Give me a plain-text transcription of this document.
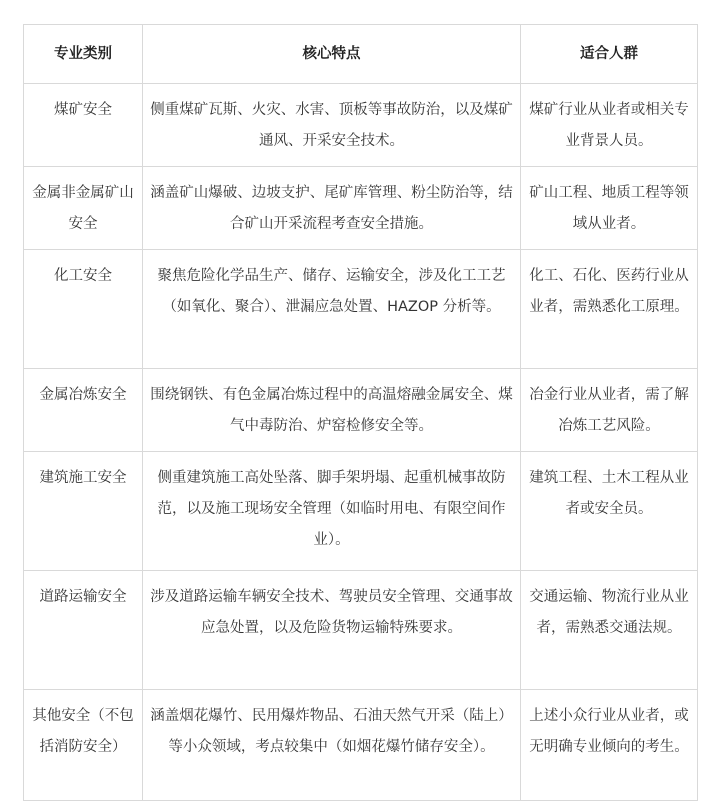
专业类别	核心特点	适合人群
煤矿安全	侧重煤矿瓦斯、火灾、水害、顶板等事故防治，以及煤矿通风、开采安全技术。	煤矿行业从业者或相关专业背景人员。
金属非金属矿山安全	涵盖矿山爆破、边坡支护、尾矿库管理、粉尘防治等，结合矿山开采流程考查安全措施。	矿山工程、地质工程等领域从业者。
化工安全	聚焦危险化学品生产、储存、运输安全，涉及化工工艺（如氧化、聚合）、泄漏应急处置、HAZOP 分析等。	化工、石化、医药行业从业者，需熟悉化工原理。
金属冶炼安全	围绕钢铁、有色金属冶炼过程中的高温熔融金属安全、煤气中毒防治、炉窑检修安全等。	冶金行业从业者，需了解冶炼工艺风险。
建筑施工安全	侧重建筑施工高处坠落、脚手架坍塌、起重机械事故防范，以及施工现场安全管理（如临时用电、有限空间作业）。	建筑工程、土木工程从业者或安全员。
道路运输安全	涉及道路运输车辆安全技术、驾驶员安全管理、交通事故应急处置，以及危险货物运输特殊要求。	交通运输、物流行业从业者，需熟悉交通法规。
其他安全（不包括消防安全）	涵盖烟花爆竹、民用爆炸物品、石油天然气开采（陆上）等小众领域，考点较集中（如烟花爆竹储存安全）。	上述小众行业从业者，或无明确专业倾向的考生。
